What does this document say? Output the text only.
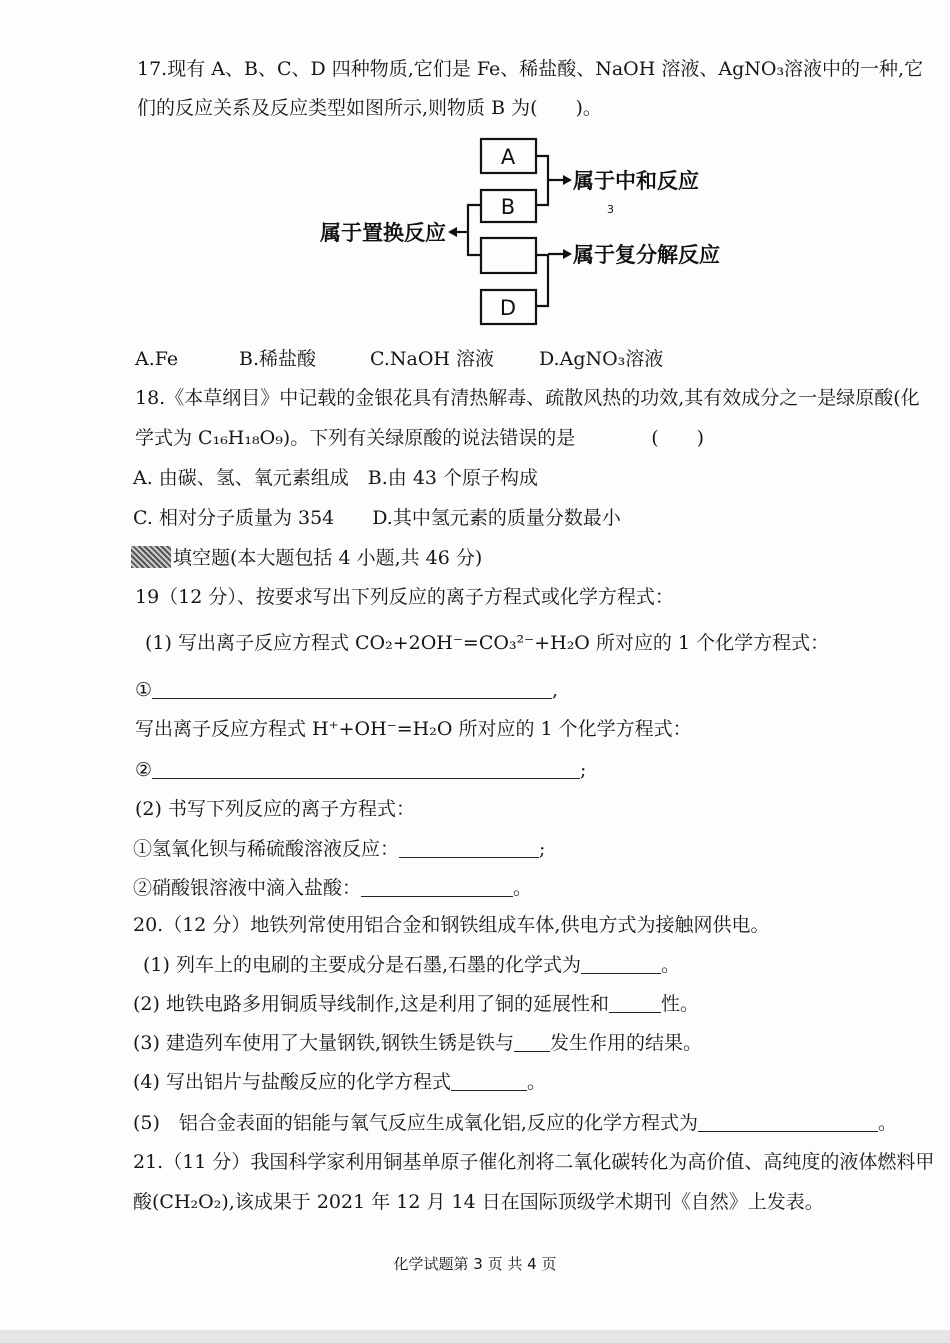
17.现有 A、B、C、D 四种物质,它们是 Fe、稀盐酸、NaOH 溶液、AgNO₃溶液中的一种,它
们的反应关系及反应类型如图所示,则物质 B 为(　　)。
A
B
D
属于中和反应
属于复分解反应
属于置换反应
3
A.Fe	B.稀盐酸	C.NaOH 溶液 D.AgNO₃溶液
18.《本草纲目》中记载的金银花具有清热解毒、疏散风热的功效,其有效成分之一是绿原酸(化
学式为 C₁₆H₁₈O₉)。下列有关绿原酸的说法错误的是　　　　(　　)
A. 由碳、氢、氧元素组成　B.由 43 个原子构成
C. 相对分子质量为 354　　D.其中氢元素的质量分数最小
填空题(本大题包括 4 小题,共 46 分)
19（12 分）、按要求写出下列反应的离子方程式或化学方程式：
(1) 写出离子反应方程式 CO₂+2OH⁻=CO₃²⁻+H₂O 所对应的 1 个化学方程式：
①	,
写出离子反应方程式 H⁺+OH⁻=H₂O 所对应的 1 个化学方程式：
②	;
(2) 书写下列反应的离子方程式：
①氢氧化钡与稀硫酸溶液反应：	;
②硝酸银溶液中滴入盐酸：	。
20.（12 分）地铁列常使用铝合金和钢铁组成车体,供电方式为接触网供电。
(1) 列车上的电刷的主要成分是石墨,石墨的化学式为	。
(2) 地铁电路多用铜质导线制作,这是利用了铜的延展性和	性。
(3) 建造列车使用了大量钢铁,钢铁生锈是铁与 发生作用的结果。
(4) 写出铝片与盐酸反应的化学方程式	。
(5)　铝合金表面的铝能与氧气反应生成氧化铝,反应的化学方程式为	。
21.（11 分）我国科学家利用铜基单原子催化剂将二氧化碳转化为高价值、高纯度的液体燃料甲
酸(CH₂O₂),该成果于 2021 年 12 月 14 日在国际顶级学术期刊《自然》上发表。
化学试题第 3 页 共 4 页
